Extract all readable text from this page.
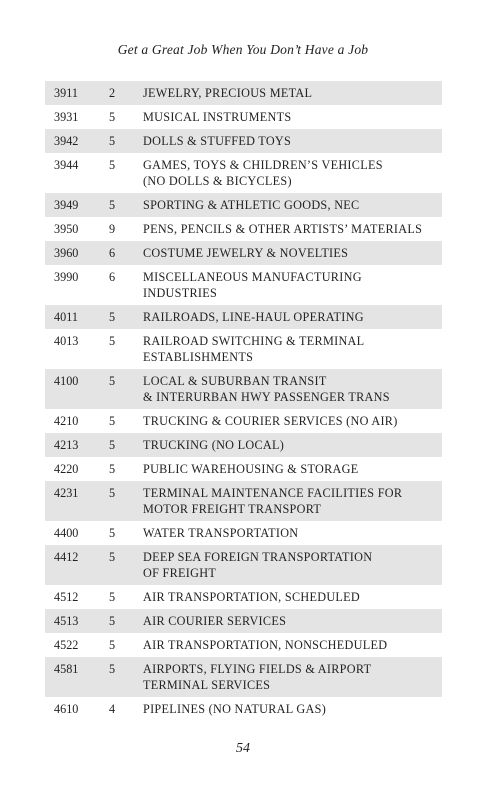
Get a Great Job When You Don’t Have a Job
3911	2	JEWELRY, PRECIOUS METAL

3931	5	MUSICAL INSTRUMENTS

3942	5	DOLLS & STUFFED TOYS

3944	5	GAMES, TOYS & CHILDREN’S VEHICLES
(NO DOLLS & BICYCLES)

3949	5	SPORTING & ATHLETIC GOODS, NEC

3950	9	PENS, PENCILS & OTHER ARTISTS’ MATERIALS

3960	6	COSTUME JEWELRY & NOVELTIES

3990	6	MISCELLANEOUS MANUFACTURING
INDUSTRIES

4011	5	RAILROADS, LINE-HAUL OPERATING

4013	5	RAILROAD SWITCHING & TERMINAL
ESTABLISHMENTS

4100	5	LOCAL & SUBURBAN TRANSIT
& INTERURBAN HWY PASSENGER TRANS

4210	5	TRUCKING & COURIER SERVICES (NO AIR)

4213	5	TRUCKING (NO LOCAL)

4220	5	PUBLIC WAREHOUSING & STORAGE

4231	5	TERMINAL MAINTENANCE FACILITIES FOR
MOTOR FREIGHT TRANSPORT

4400	5	WATER TRANSPORTATION

4412	5	DEEP SEA FOREIGN TRANSPORTATION
OF FREIGHT

4512	5	AIR TRANSPORTATION, SCHEDULED

4513	5	AIR COURIER SERVICES

4522	5	AIR TRANSPORTATION, NONSCHEDULED

4581	5	AIRPORTS, FLYING FIELDS & AIRPORT
TERMINAL SERVICES

4610	4	PIPELINES (NO NATURAL GAS)
54
